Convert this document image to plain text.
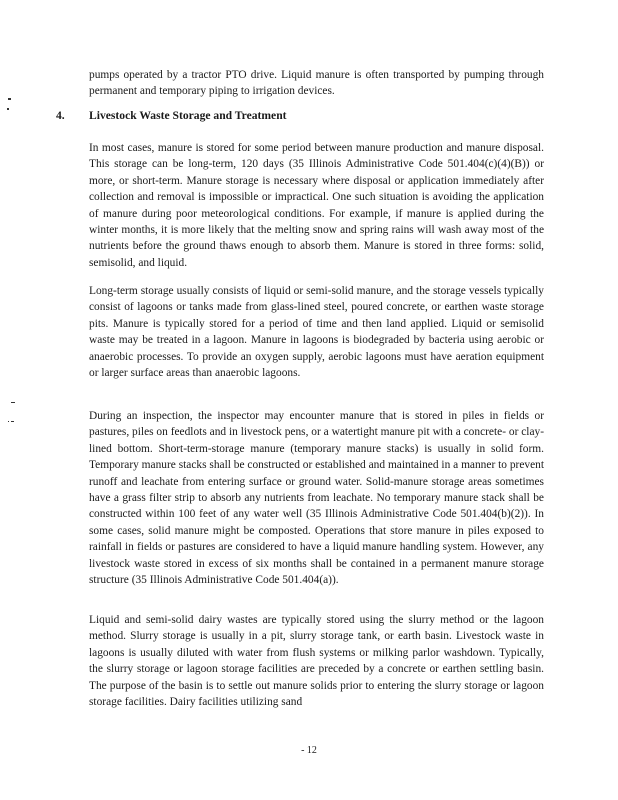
pumps operated by a tractor PTO drive. Liquid manure is often transported by pumping through permanent and temporary piping to irrigation devices.

4. Livestock Waste Storage and Treatment

In most cases, manure is stored for some period between manure production and manure disposal. This storage can be long-term, 120 days (35 Illinois Administrative Code 501.404(c)(4)(B)) or more, or short-term. Manure storage is necessary where disposal or application immediately after collection and removal is impossible or impractical. One such situation is avoiding the application of manure during poor meteorological conditions. For example, if manure is applied during the winter months, it is more likely that the melting snow and spring rains will wash away most of the nutrients before the ground thaws enough to absorb them. Manure is stored in three forms: solid, semisolid, and liquid.

Long-term storage usually consists of liquid or semi-solid manure, and the storage vessels typically consist of lagoons or tanks made from glass-lined steel, poured concrete, or earthen waste storage pits. Manure is typically stored for a period of time and then land applied. Liquid or semisolid waste may be treated in a lagoon. Manure in lagoons is biodegraded by bacteria using aerobic or anaerobic processes. To provide an oxygen supply, aerobic lagoons must have aeration equipment or larger surface areas than anaerobic lagoons.

During an inspection, the inspector may encounter manure that is stored in piles in fields or pastures, piles on feedlots and in livestock pens, or a watertight manure pit with a concrete- or clay-lined bottom. Short-term-storage manure (temporary manure stacks) is usually in solid form. Temporary manure stacks shall be constructed or established and maintained in a manner to prevent runoff and leachate from entering surface or ground water. Solid-manure storage areas sometimes have a grass filter strip to absorb any nutrients from leachate. No temporary manure stack shall be constructed within 100 feet of any water well (35 Illinois Administrative Code 501.404(b)(2)). In some cases, solid manure might be composted. Operations that store manure in piles exposed to rainfall in fields or pastures are considered to have a liquid manure handling system. However, any livestock waste stored in excess of six months shall be contained in a permanent manure storage structure (35 Illinois Administrative Code 501.404(a)).

Liquid and semi-solid dairy wastes are typically stored using the slurry method or the lagoon method. Slurry storage is usually in a pit, slurry storage tank, or earth basin. Livestock waste in lagoons is usually diluted with water from flush systems or milking parlor washdown. Typically, the slurry storage or lagoon storage facilities are preceded by a concrete or earthen settling basin. The purpose of the basin is to settle out manure solids prior to entering the slurry storage or lagoon storage facilities. Dairy facilities utilizing sand

- 12
